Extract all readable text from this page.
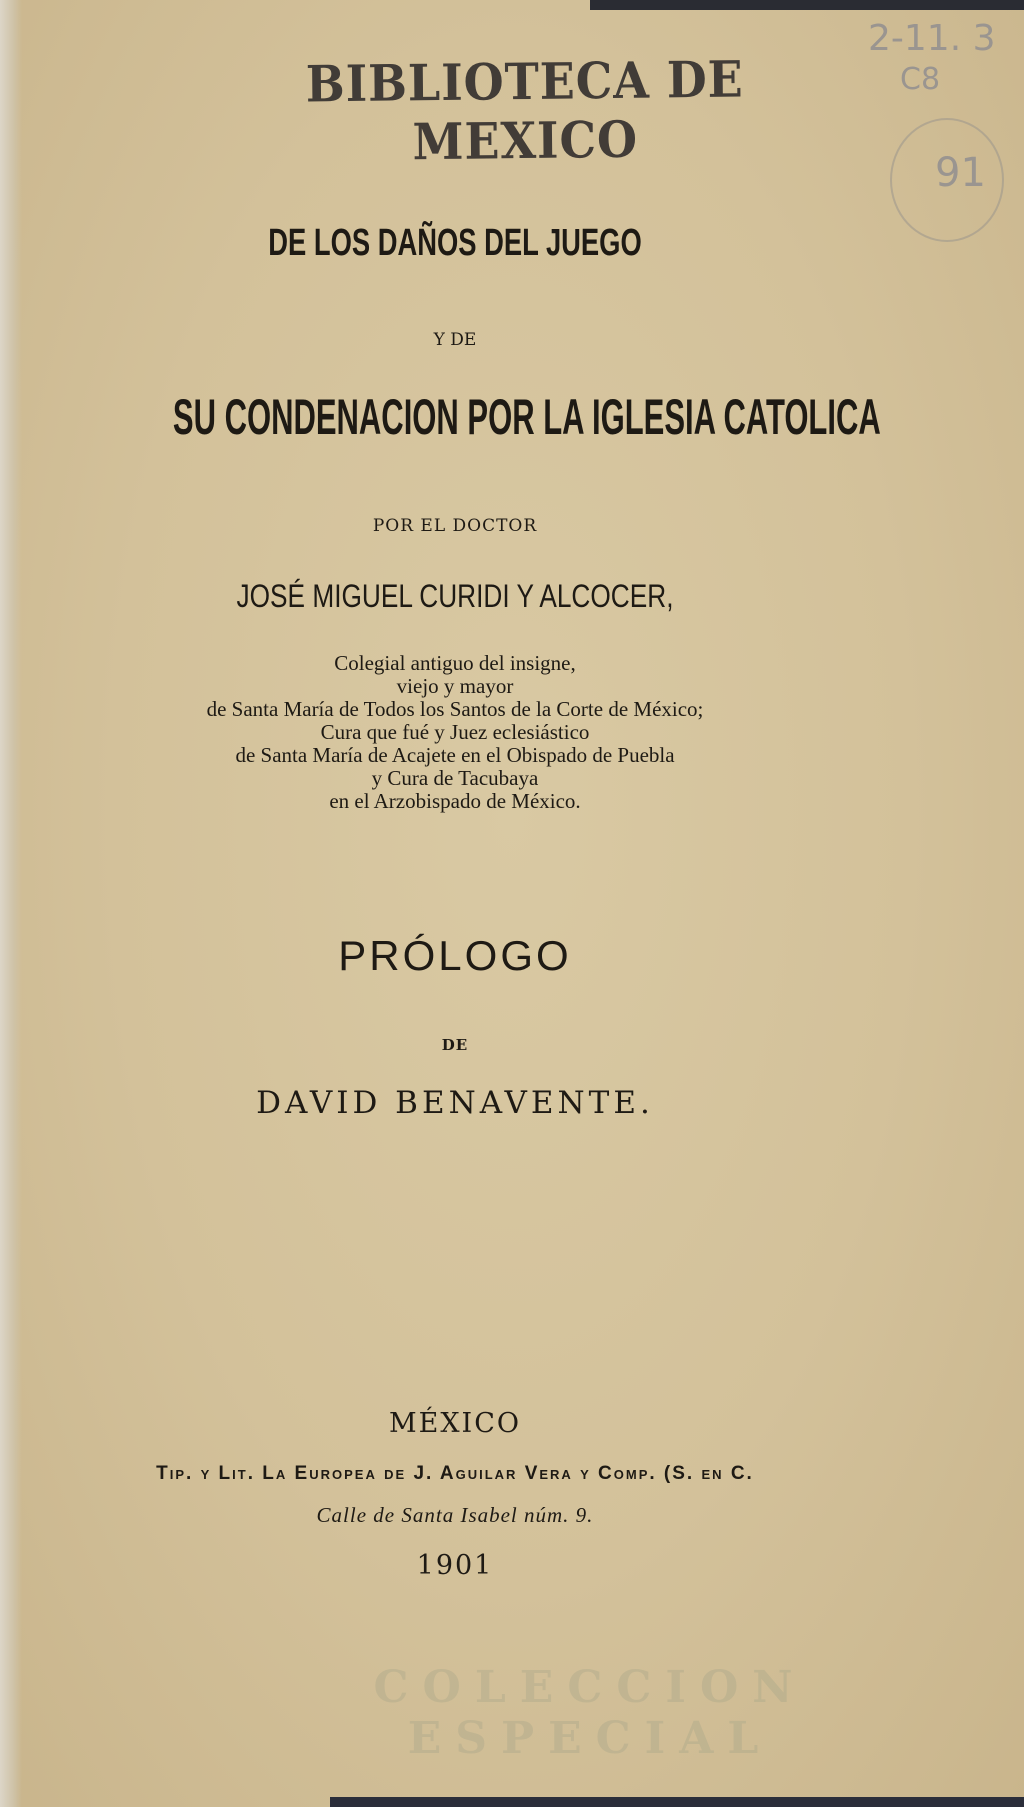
BIBLIOTECA DE MEXICO
2-11. 3
C8
91
DE LOS DAÑOS DEL JUEGO
Y DE
SU CONDENACION POR LA IGLESIA CATOLICA
POR EL DOCTOR
JOSÉ MIGUEL CURIDI Y ALCOCER,
Colegial antiguo del insigne,
viejo y mayor
de Santa María de Todos los Santos de la Corte de México;
Cura que fué y Juez eclesiástico
de Santa María de Acajete en el Obispado de Puebla
y Cura de Tacubaya
en el Arzobispado de México.
PRÓLOGO
DE
DAVID BENAVENTE.
MÉXICO
Tip. y Lit. La Europea de J. Aguilar Vera y Comp. (S. en C.
Calle de Santa Isabel núm. 9.
1901
COLECCION ESPECIAL
